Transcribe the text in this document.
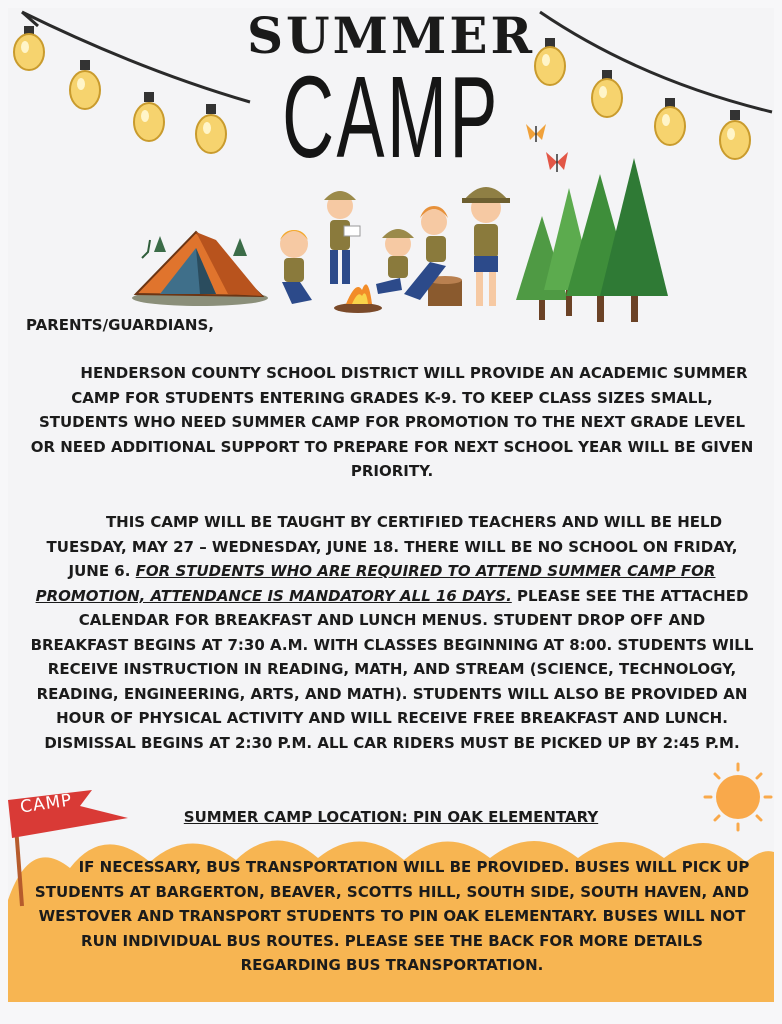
SUMMER
CAMP
CAMP
PARENTS/GUARDIANS,
HENDERSON COUNTY SCHOOL DISTRICT WILL PROVIDE AN ACADEMIC SUMMER CAMP FOR STUDENTS ENTERING GRADES K-9. TO KEEP CLASS SIZES SMALL, STUDENTS WHO NEED SUMMER CAMP FOR PROMOTION TO THE NEXT GRADE LEVEL OR NEED ADDITIONAL SUPPORT TO PREPARE FOR NEXT SCHOOL YEAR WILL BE GIVEN PRIORITY.
THIS CAMP WILL BE TAUGHT BY CERTIFIED TEACHERS AND WILL BE HELD TUESDAY, MAY 27 – WEDNESDAY, JUNE 18. THERE WILL BE NO SCHOOL ON FRIDAY, JUNE 6. FOR STUDENTS WHO ARE REQUIRED TO ATTEND SUMMER CAMP FOR PROMOTION, ATTENDANCE IS MANDATORY ALL 16 DAYS. PLEASE SEE THE ATTACHED CALENDAR FOR BREAKFAST AND LUNCH MENUS. STUDENT DROP OFF AND BREAKFAST BEGINS AT 7:30 A.M. WITH CLASSES BEGINNING AT 8:00. STUDENTS WILL RECEIVE INSTRUCTION IN READING, MATH, AND STREAM (SCIENCE, TECHNOLOGY, READING, ENGINEERING, ARTS, AND MATH). STUDENTS WILL ALSO BE PROVIDED AN HOUR OF PHYSICAL ACTIVITY AND WILL RECEIVE FREE BREAKFAST AND LUNCH. DISMISSAL BEGINS AT 2:30 P.M. ALL CAR RIDERS MUST BE PICKED UP BY 2:45 P.M.
SUMMER CAMP LOCATION: PIN OAK ELEMENTARY
IF NECESSARY, BUS TRANSPORTATION WILL BE PROVIDED. BUSES WILL PICK UP STUDENTS AT BARGERTON, BEAVER, SCOTTS HILL, SOUTH SIDE, SOUTH HAVEN, AND WESTOVER AND TRANSPORT STUDENTS TO PIN OAK ELEMENTARY. BUSES WILL NOT RUN INDIVIDUAL BUS ROUTES. PLEASE SEE THE BACK FOR MORE DETAILS REGARDING BUS TRANSPORTATION.
